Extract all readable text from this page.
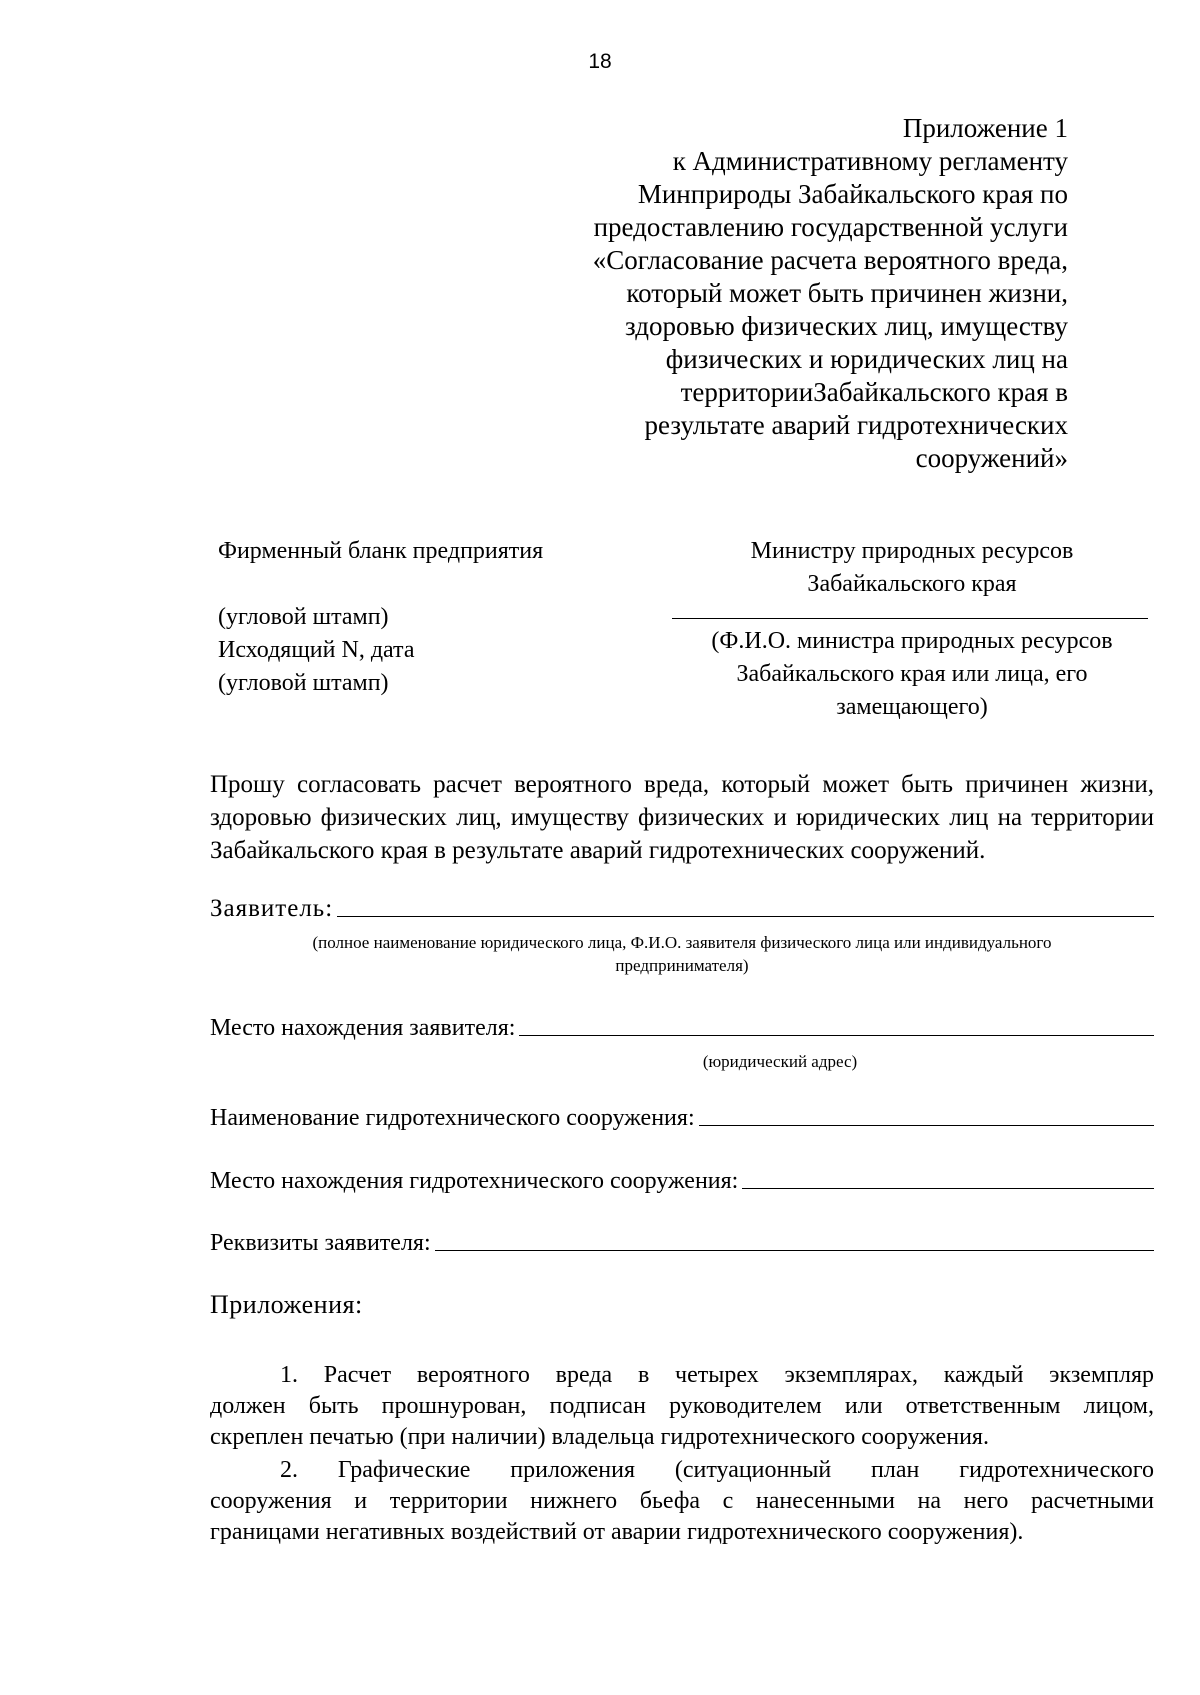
18
Приложение 1
к Административному регламенту
Минприроды Забайкальского края по
предоставлению государственной услуги
«Согласование расчета вероятного вреда,
который может быть причинен жизни,
здоровью физических лиц, имуществу
физических и юридических лиц на
территорииЗабайкальского края в
результате аварий гидротехнических
сооружений»
Фирменный бланк предприятия
(угловой штамп)
Исходящий N, дата
(угловой штамп)
Министру природных ресурсов
Забайкальского края
(Ф.И.О. министра природных ресурсов
Забайкальского края или лица, его
замещающего)
Прошу согласовать расчет вероятного вреда, который может быть причинен жизни,
здоровью физических лиц, имуществу физических и юридических лиц на территории
Забайкальского края в результате аварий гидротехнических сооружений.
Заявитель:
(полное наименование юридического лица, Ф.И.О. заявителя физического лица или индивидуального
предпринимателя)
Место нахождения заявителя:
(юридический адрес)
Наименование гидротехнического сооружения:
Место нахождения гидротехнического сооружения:
Реквизиты заявителя:
Приложения:
1. Расчет вероятного вреда в четырех экземплярах, каждый экземпляр
должен быть прошнурован, подписан руководителем или ответственным лицом,
скреплен печатью (при наличии) владельца гидротехнического сооружения.
2. Графические приложения (ситуационный план гидротехнического
сооружения и территории нижнего бьефа с нанесенными на него расчетными
границами негативных воздействий от аварии гидротехнического сооружения).
